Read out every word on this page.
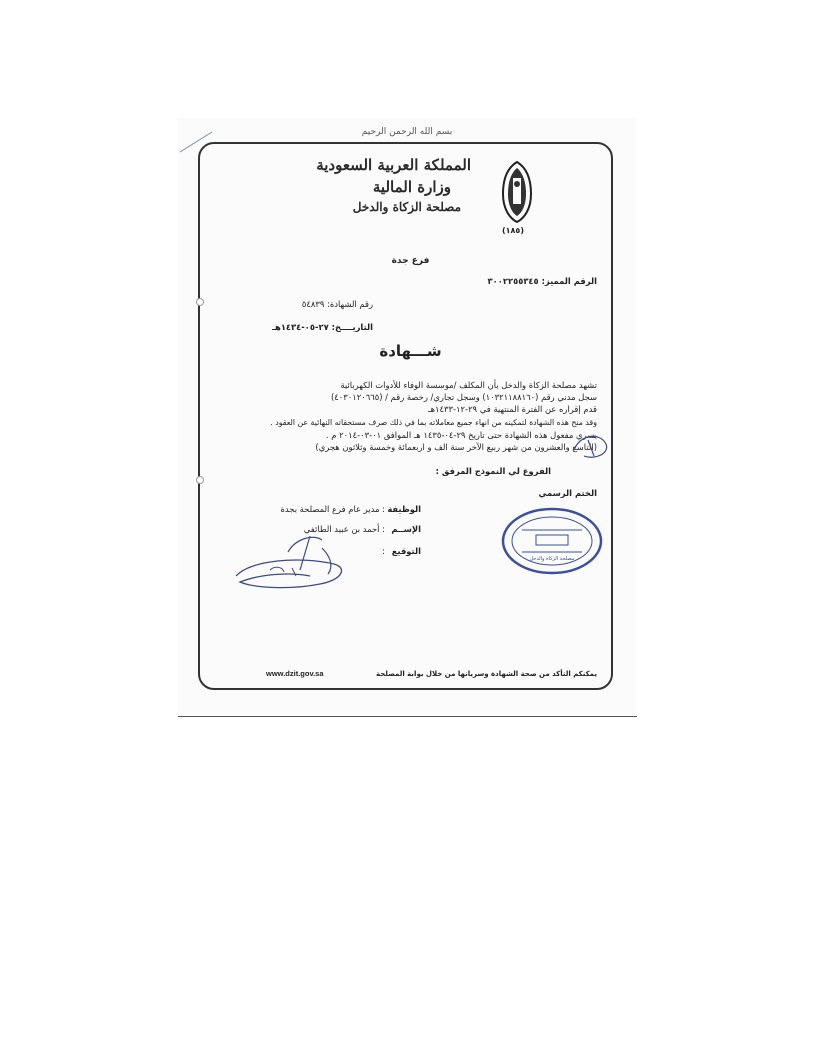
بسم الله الرحمن الرحيم
المملكة العربية السعودية
وزارة المالية
مصلحة الزكاة والدخل
(١٨٥)
فرع جدة
الرقم المميز: ٣٠٠٢٢٥٥٣٤٥
رقم الشهادة: ٥٤٨٣٩
التاريــــخ: ٢٧-٠٥-١٤٣٤هـ
شـــهادة
تشهد مصلحة الزكاة والدخل بأن المكلف /موسسة الوفاء للأدوات الكهربائية
سجل مدني رقم (١٠٣٢١١٨٨١٦٠) وسجل تجاري/ رخصة رقم / (٤٠٣٠١٢٠٦٦٥)
قدم إقراره عن الفترة المنتهية في ٢٩-١٢-١٤٣٣هـ
وقد منح هذه الشهادة لتمكينه من انهاء جميع معاملاته بما في ذلك صرف مستحقاته النهائية عن العقود .
يسري مفعول هذه الشهادة حتى تاريخ ٢٩-٠٤-١٤٣٥ هـ الموافق ٠١-٠٣-٢٠١٤ م .
(التاسع والعشرون من شهر ربيع الآخر سنة الف و اربعمائة وخمسة وثلاثون هجري)
الفروع لي النموذج المرفق :
الختم الرسمي
الوظيفة
: مدير عام فرع المصلحة بجدة
الإســم
: أحمد بن عبيد الطائفي
التوقيع
:
مصلحة الزكاة والدخل
يمكنكم التأكد من صحة الشهادة وسريانها من خلال بوابة المصلحة
www.dzit.gov.sa
